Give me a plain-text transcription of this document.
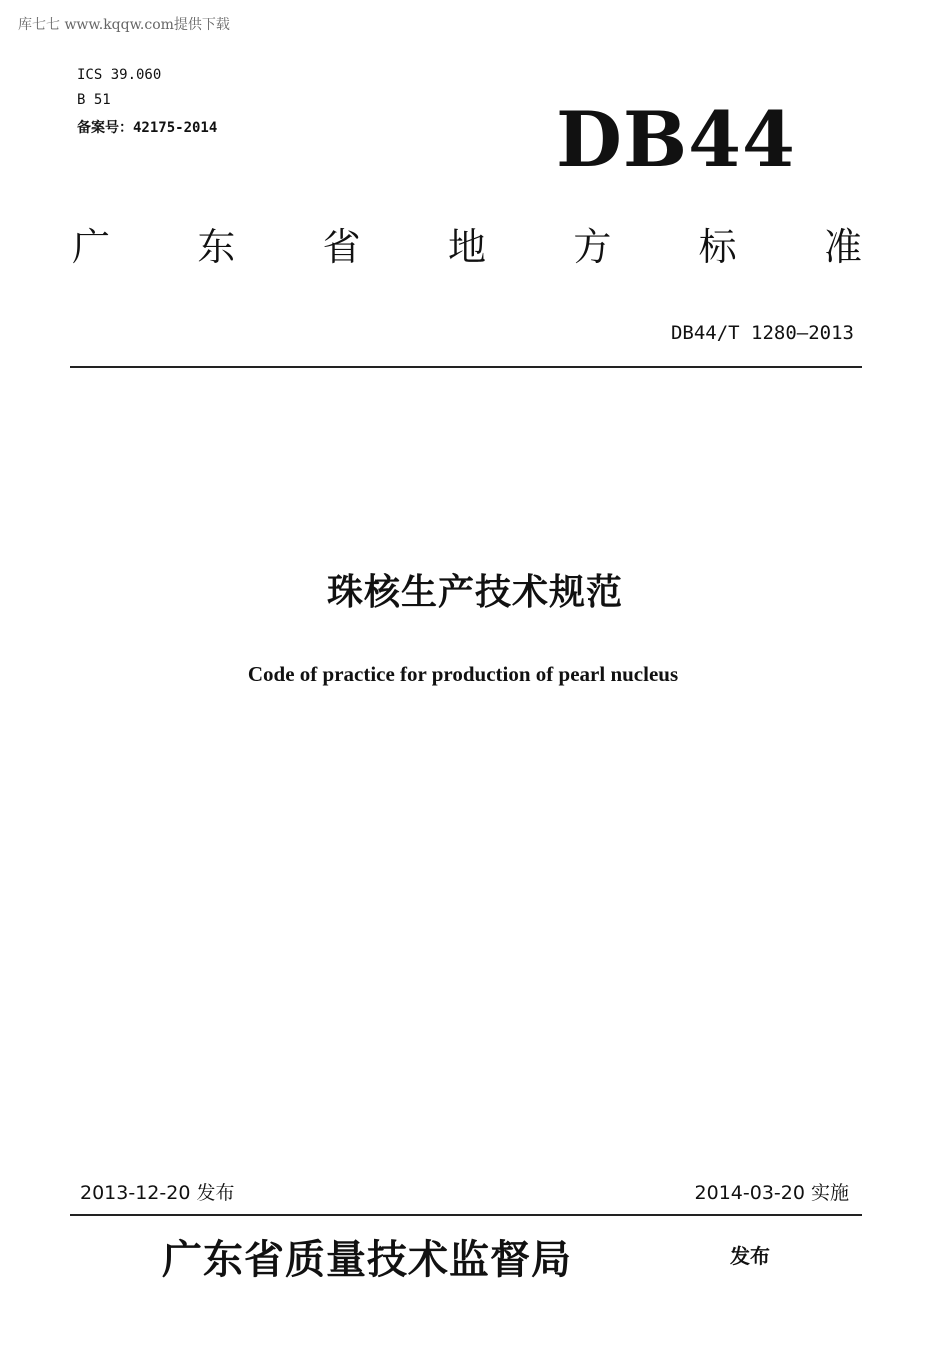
库七七 www.kqqw.com提供下载
ICS 39.060
B 51
备案号：42175-2014	DB44
广 东 省 地 方 标 准
DB44/T 1280—2013
珠核生产技术规范
Code of practice for production of pearl nucleus
2013-12-20 发布	2014-03-20 实施
广东省质量技术监督局	发布
